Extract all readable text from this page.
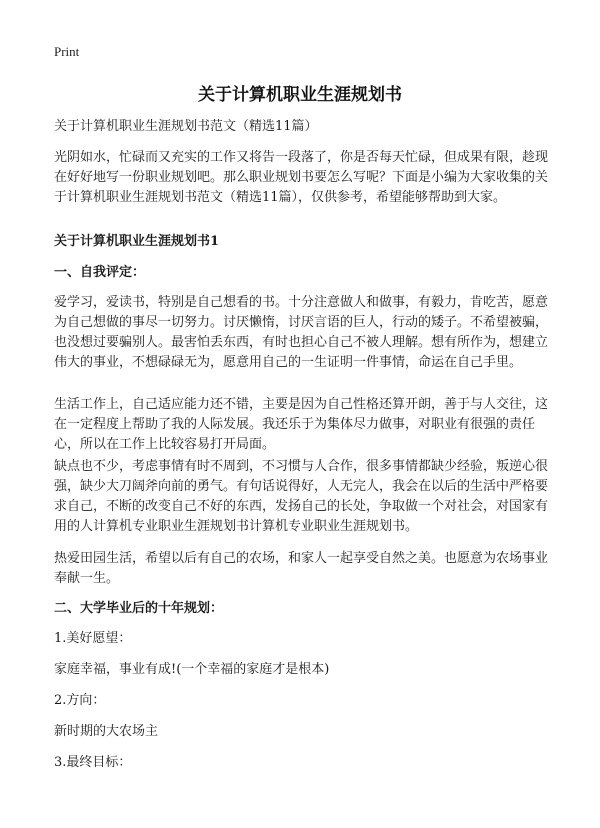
Print
关于计算机职业生涯规划书

关于计算机职业生涯规划书范文（精选11篇）

光阴如水，忙碌而又充实的工作又将告一段落了，你是否每天忙碌，但成果有限，趁现在好好地写一份职业规划吧。那么职业规划书要怎么写呢？下面是小编为大家收集的关于计算机职业生涯规划书范文（精选11篇），仅供参考，希望能够帮助到大家。

关于计算机职业生涯规划书1

一、自我评定：

爱学习，爱读书，特别是自己想看的书。十分注意做人和做事，有毅力，肯吃苦，愿意为自己想做的事尽一切努力。讨厌懒惰，讨厌言语的巨人，行动的矮子。不希望被骗，也没想过要骗别人。最害怕丢东西，有时也担心自己不被人理解。想有所作为，想建立伟大的事业，不想碌碌无为，愿意用自己的一生证明一件事情，命运在自己手里。

生活工作上，自己适应能力还不错，主要是因为自己性格还算开朗，善于与人交往，这在一定程度上帮助了我的人际发展。我还乐于为集体尽力做事，对职业有很强的责任心，所以在工作上比较容易打开局面。

缺点也不少，考虑事情有时不周到，不习惯与人合作，很多事情都缺少经验，叛逆心很强，缺少大刀阔斧向前的勇气。有句话说得好，人无完人，我会在以后的生活中严格要求自己，不断的改变自己不好的东西，发扬自己的长处，争取做一个对社会，对国家有用的人计算机专业职业生涯规划书计算机专业职业生涯规划书。

热爱田园生活，希望以后有自己的农场，和家人一起享受自然之美。也愿意为农场事业奉献一生。

二、大学毕业后的十年规划：

1.美好愿望：

家庭幸福，事业有成!(一个幸福的家庭才是根本)

2.方向：

新时期的大农场主

3.最终目标：
